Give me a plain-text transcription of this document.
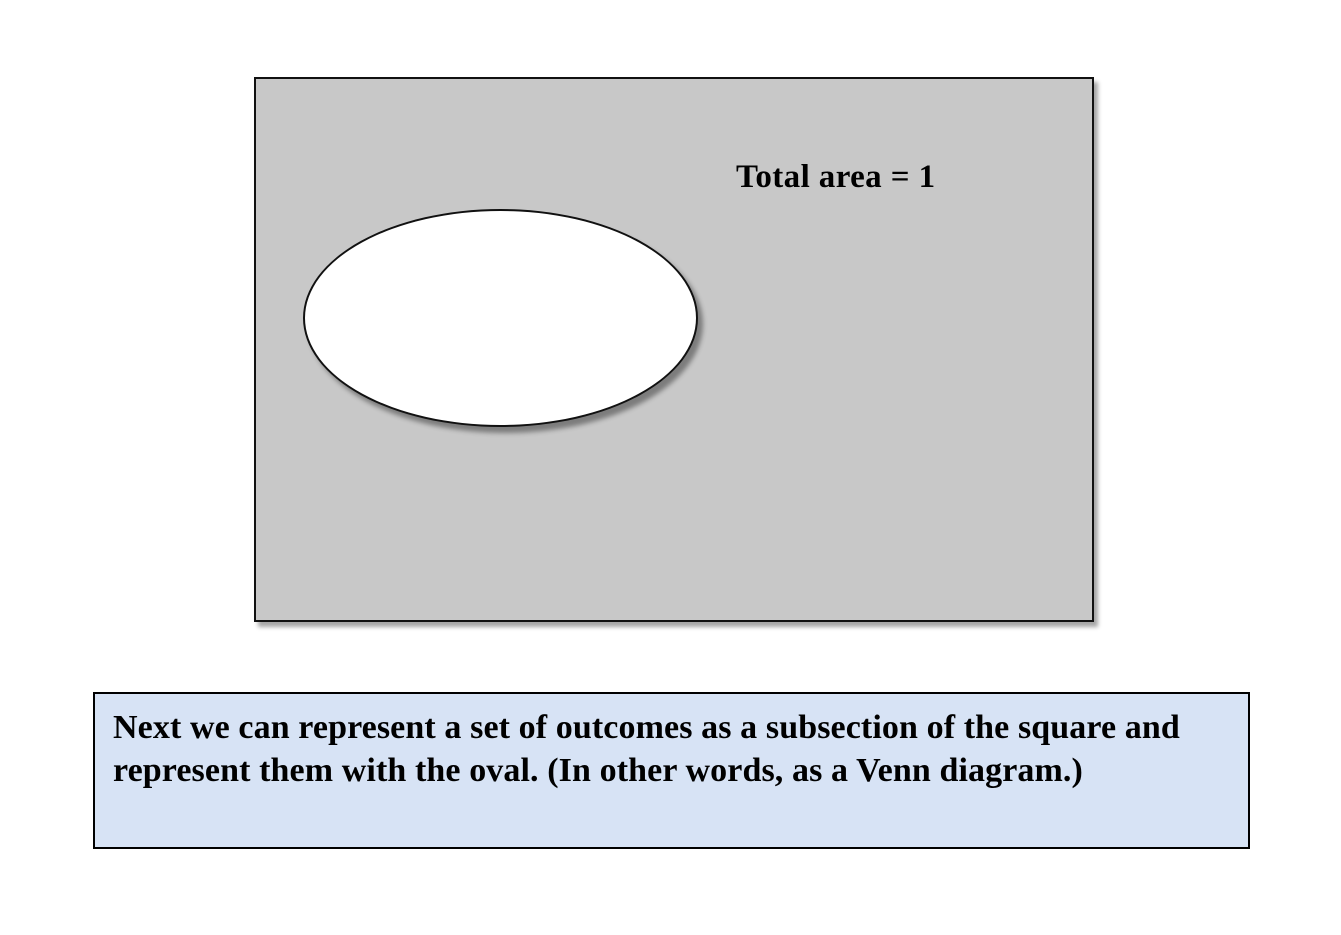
Total area = 1
Next we can represent a set of outcomes as a subsection of the square and represent them with the oval. (In other words, as a Venn diagram.)
